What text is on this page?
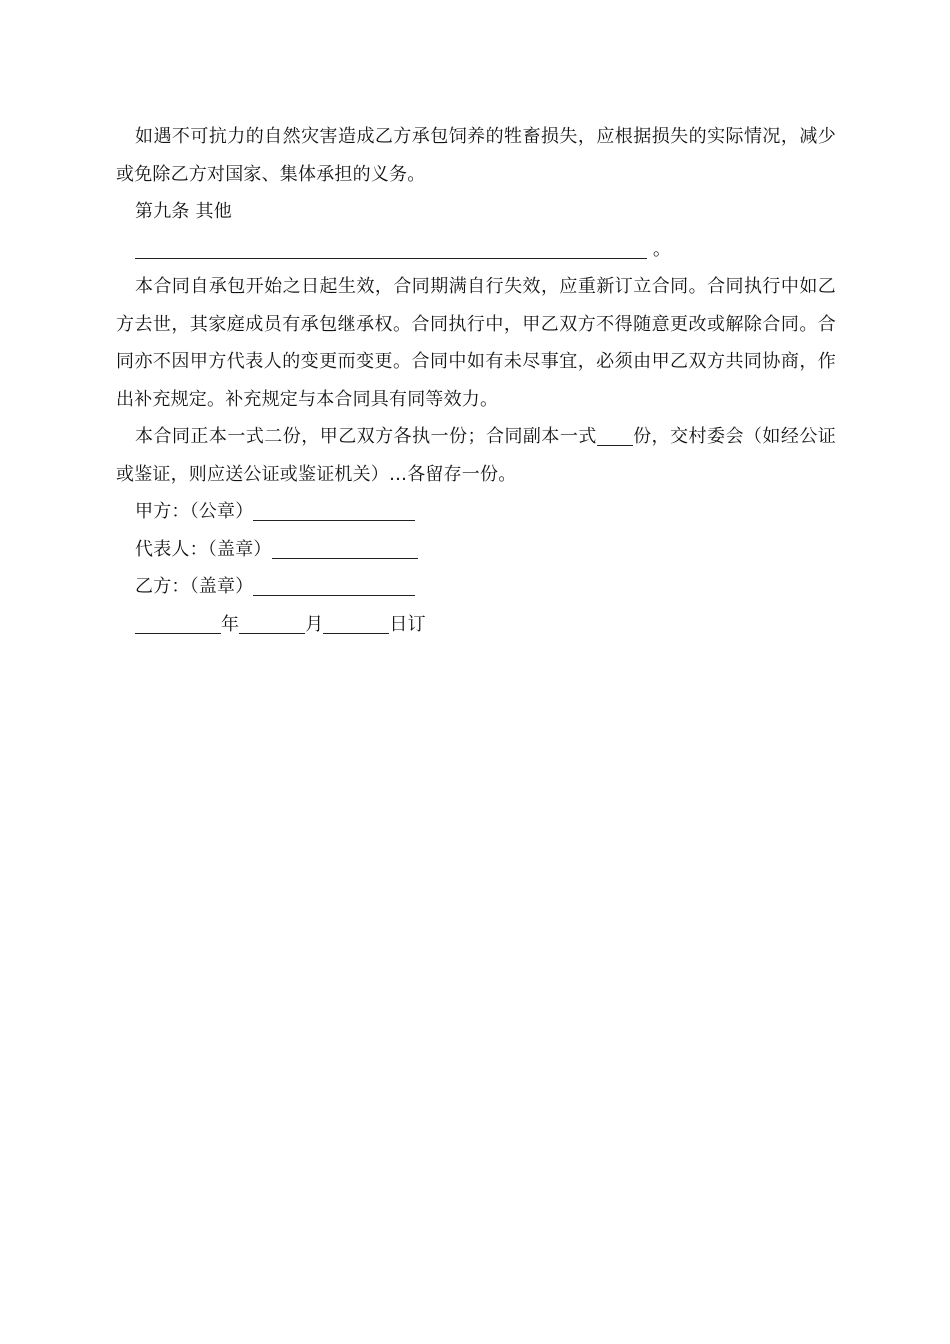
如遇不可抗力的自然灾害造成乙方承包饲养的牲畜损失，应根据损失的实际情况，减少或免除乙方对国家、集体承担的义务。

第九条 其他

。

本合同自承包开始之日起生效，合同期满自行失效，应重新订立合同。合同执行中如乙方去世，其家庭成员有承包继承权。合同执行中，甲乙双方不得随意更改或解除合同。合同亦不因甲方代表人的变更而变更。合同中如有未尽事宜，必须由甲乙双方共同协商，作出补充规定。补充规定与本合同具有同等效力。

本合同正本一式二份，甲乙双方各执一份；合同副本一式 份，交村委会（如经公证或鉴证，则应送公证或鉴证机关）…各留存一份。

甲方：（公章）

代表人：（盖章）

乙方：（盖章）

年	月	日订
